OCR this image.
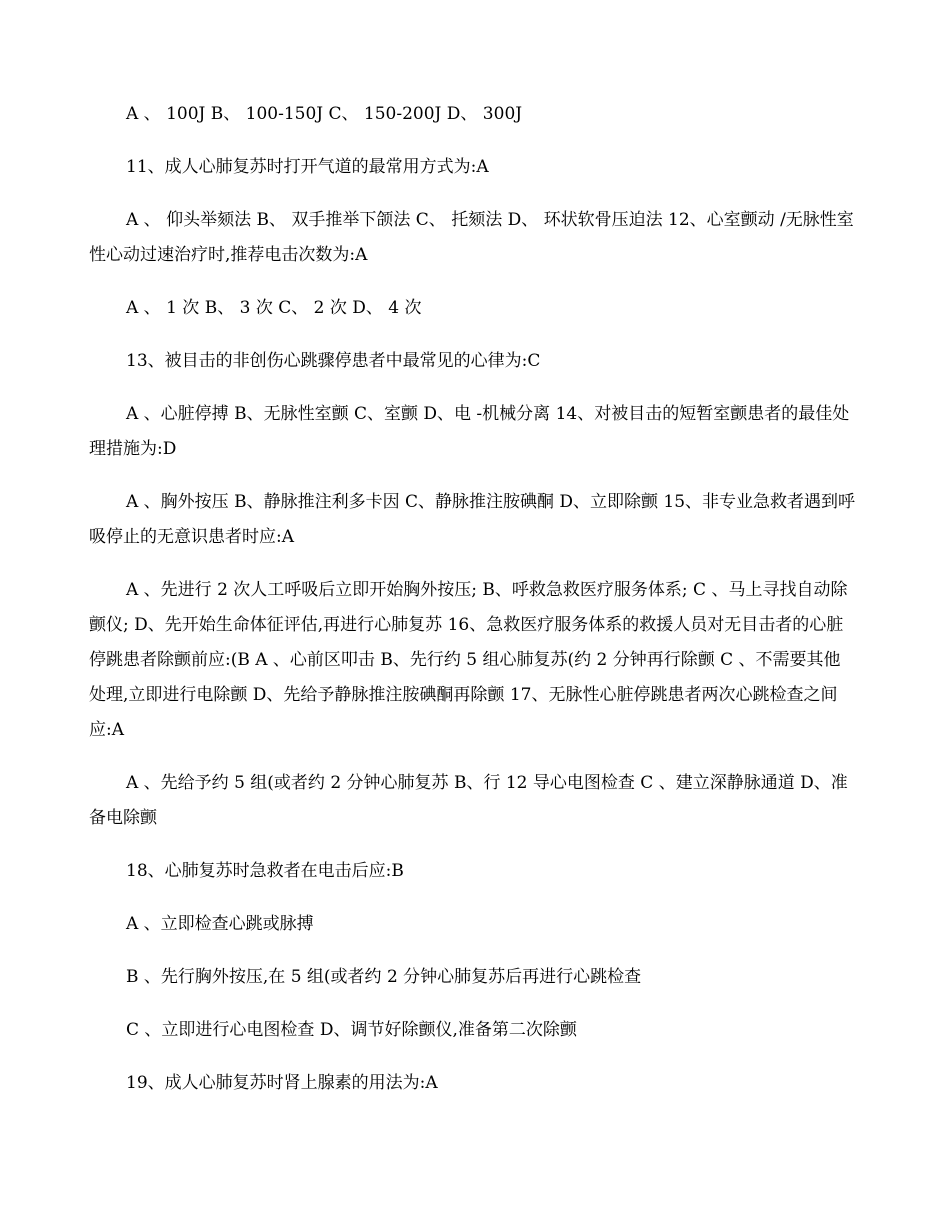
A 、 100J B、 100-150J C、 150-200J D、 300J

11、成人心肺复苏时打开气道的最常用方式为:A

A 、 仰头举颏法 B、 双手推举下颌法 C、 托颏法 D、 环状软骨压迫法 12、心室颤动 /无脉性室性心动过速治疗时,推荐电击次数为:A

A 、 1 次 B、 3 次 C、 2 次 D、 4 次

13、被目击的非创伤心跳骤停患者中最常见的心律为:C

A 、心脏停搏 B、无脉性室颤 C、室颤 D、电 -机械分离 14、对被目击的短暂室颤患者的最佳处理措施为:D

A 、胸外按压 B、静脉推注利多卡因 C、静脉推注胺碘酮 D、立即除颤 15、非专业急救者遇到呼吸停止的无意识患者时应:A

A 、先进行 2 次人工呼吸后立即开始胸外按压; B、呼救急救医疗服务体系; C 、马上寻找自动除颤仪; D、先开始生命体征评估,再进行心肺复苏 16、急救医疗服务体系的救援人员对无目击者的心脏停跳患者除颤前应:(B A 、心前区叩击 B、先行约 5 组心肺复苏(约 2 分钟再行除颤 C 、不需要其他处理,立即进行电除颤 D、先给予静脉推注胺碘酮再除颤 17、无脉性心脏停跳患者两次心跳检查之间应:A

A 、先给予约 5 组(或者约 2 分钟心肺复苏 B、行 12 导心电图检查 C 、建立深静脉通道 D、准备电除颤

18、心肺复苏时急救者在电击后应:B

A 、立即检查心跳或脉搏

B 、先行胸外按压,在 5 组(或者约 2 分钟心肺复苏后再进行心跳检查

C 、立即进行心电图检查 D、调节好除颤仪,准备第二次除颤

19、成人心肺复苏时肾上腺素的用法为:A
